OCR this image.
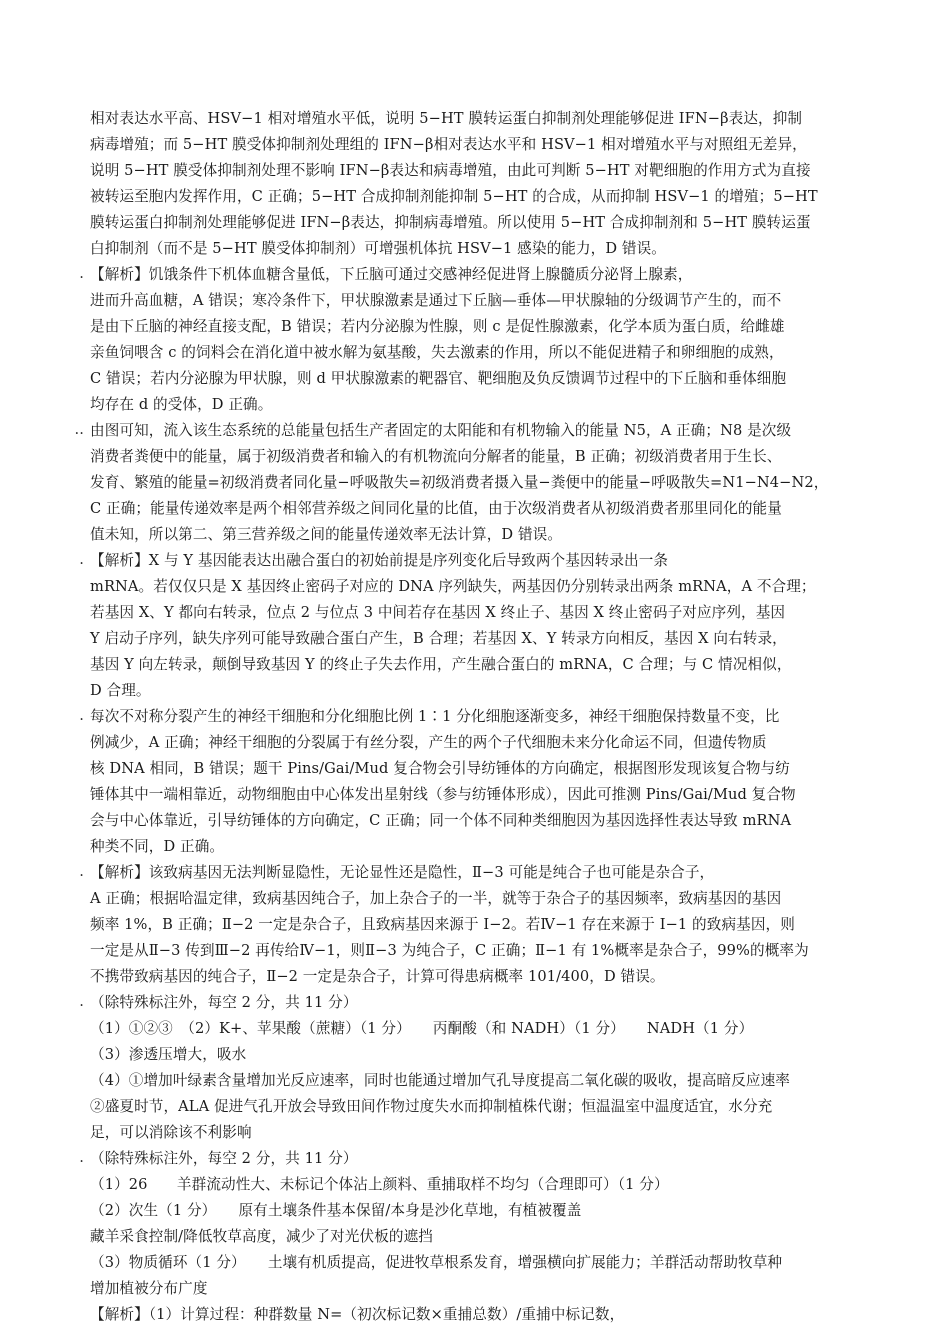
相对表达水平高、HSV−1 相对增殖水平低，说明 5−HT 膜转运蛋白抑制剂处理能够促进 IFN−β表达，抑制
病毒增殖；而 5−HT 膜受体抑制剂处理组的 IFN−β相对表达水平和 HSV−1 相对增殖水平与对照组无差异，
说明 5−HT 膜受体抑制剂处理不影响 IFN−β表达和病毒增殖，由此可判断 5−HT 对靶细胞的作用方式为直接
被转运至胞内发挥作用，C 正确；5−HT 合成抑制剂能抑制 5−HT 的合成，从而抑制 HSV−1 的增殖；5−HT
膜转运蛋白抑制剂处理能够促进 IFN−β表达，抑制病毒增殖。所以使用 5−HT 合成抑制剂和 5−HT 膜转运蛋
白抑制剂（而不是 5−HT 膜受体抑制剂）可增强机体抗 HSV−1 感染的能力，D 错误。
. 【解析】饥饿条件下机体血糖含量低，下丘脑可通过交感神经促进肾上腺髓质分泌肾上腺素，
进而升高血糖，A 错误；寒冷条件下，甲状腺激素是通过下丘脑—垂体—甲状腺轴的分级调节产生的，而不
是由下丘脑的神经直接支配，B 错误；若内分泌腺为性腺，则 c 是促性腺激素，化学本质为蛋白质，给雌雄
亲鱼饲喂含 c 的饲料会在消化道中被水解为氨基酸，失去激素的作用，所以不能促进精子和卵细胞的成熟，
C 错误；若内分泌腺为甲状腺，则 d 甲状腺激素的靶器官、靶细胞及负反馈调节过程中的下丘脑和垂体细胞
均存在 d 的受体，D 正确。
.. 由图可知，流入该生态系统的总能量包括生产者固定的太阳能和有机物输入的能量 N5，A 正确；N8 是次级
消费者粪便中的能量，属于初级消费者和输入的有机物流向分解者的能量，B 正确；初级消费者用于生长、
发育、繁殖的能量=初级消费者同化量−呼吸散失=初级消费者摄入量−粪便中的能量−呼吸散失=N1−N4−N2，
C 正确；能量传递效率是两个相邻营养级之间同化量的比值，由于次级消费者从初级消费者那里同化的能量
值未知，所以第二、第三营养级之间的能量传递效率无法计算，D 错误。
. 【解析】X 与 Y 基因能表达出融合蛋白的初始前提是序列变化后导致两个基因转录出一条
mRNA。若仅仅只是 X 基因终止密码子对应的 DNA 序列缺失，两基因仍分别转录出两条 mRNA，A 不合理；
若基因 X、Y 都向右转录，位点 2 与位点 3 中间若存在基因 X 终止子、基因 X 终止密码子对应序列，基因
Y 启动子序列，缺失序列可能导致融合蛋白产生，B 合理；若基因 X、Y 转录方向相反，基因 X 向右转录，
基因 Y 向左转录，颠倒导致基因 Y 的终止子失去作用，产生融合蛋白的 mRNA，C 合理；与 C 情况相似，
D 合理。
. 每次不对称分裂产生的神经干细胞和分化细胞比例 1∶1 分化细胞逐渐变多，神经干细胞保持数量不变，比
例减少，A 正确；神经干细胞的分裂属于有丝分裂，产生的两个子代细胞未来分化命运不同，但遗传物质
核 DNA 相同，B 错误；题干 Pins/Gai/Mud 复合物会引导纺锤体的方向确定，根据图形发现该复合物与纺
锤体其中一端相靠近，动物细胞由中心体发出星射线（参与纺锤体形成），因此可推测 Pins/Gai/Mud 复合物
会与中心体靠近，引导纺锤体的方向确定，C 正确；同一个体不同种类细胞因为基因选择性表达导致 mRNA
种类不同，D 正确。
. 【解析】该致病基因无法判断显隐性，无论显性还是隐性，Ⅱ−3 可能是纯合子也可能是杂合子，
A 正确；根据哈温定律，致病基因纯合子，加上杂合子的一半，就等于杂合子的基因频率，致病基因的基因
频率 1%，B 正确；Ⅱ−2 一定是杂合子，且致病基因来源于 Ⅰ−2。若Ⅳ−1 存在来源于 Ⅰ−1 的致病基因，则
一定是从Ⅱ−3 传到Ⅲ−2 再传给Ⅳ−1，则Ⅱ−3 为纯合子，C 正确；Ⅱ−1 有 1%概率是杂合子，99%的概率为
不携带致病基因的纯合子，Ⅱ−2 一定是杂合子，计算可得患病概率 101/400，D 错误。
. （除特殊标注外，每空 2 分，共 11 分）
（1）①②③　（2）K+、苹果酸（蔗糖）（1 分）　　丙酮酸（和 NADH）（1 分）　　NADH（1 分）
（3）渗透压增大，吸水
（4）①增加叶绿素含量增加光反应速率，同时也能通过增加气孔导度提高二氧化碳的吸收，提高暗反应速率
②盛夏时节，ALA 促进气孔开放会导致田间作物过度失水而抑制植株代谢；恒温温室中温度适宜，水分充
足，可以消除该不利影响
. （除特殊标注外，每空 2 分，共 11 分）
（1）26　　羊群流动性大、未标记个体沾上颜料、重捕取样不均匀（合理即可）（1 分）
（2）次生（1 分）　　原有土壤条件基本保留/本身是沙化草地，有植被覆盖
藏羊采食控制/降低牧草高度，减少了对光伏板的遮挡
（3）物质循环（1 分）　　土壤有机质提高，促进牧草根系发育，增强横向扩展能力；羊群活动帮助牧草种
增加植被分布广度
【解析】（1）计算过程：种群数量 N=（初次标记数×重捕总数）/重捕中标记数，
